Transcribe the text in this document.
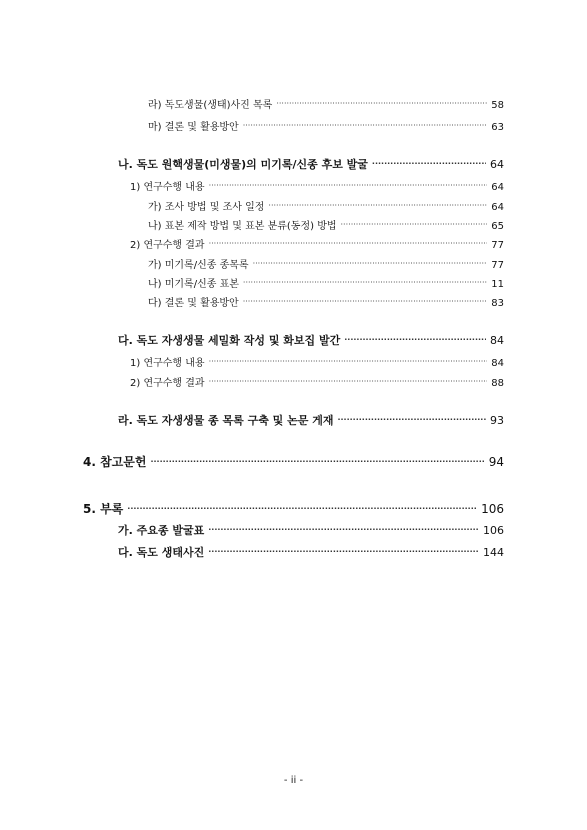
라) 독도생물(생태)사진 목록 ·····	58
마) 결론 및 활용방안 ·····	63
나. 독도 원핵생물(미생물)의 미기록/신종 후보 발굴 ·····	64
1) 연구수행 내용 ·····	64
가) 조사 방법 및 조사 일정 ·····	64
나) 표본 제작 방법 및 표본 분류(동정) 방법 ·····	65
2) 연구수행 결과 ·····	77
가) 미기록/신종 종목록 ·····	77
나) 미기록/신종 표본 ·····	11
다) 결론 및 활용방안 ·····	83
다. 독도 자생생물 세밀화 작성 및 화보집 발간 ·····	84
1) 연구수행 내용 ·····	84
2) 연구수행 결과 ·····	88
라. 독도 자생생물 종 목록 구축 및 논문 게재 ·····	93
4. 참고문헌 ·····	94
5. 부록 ·····	106
가. 주요종 발굴표 ·····	106
다. 독도 생태사진 ·····	144
- ii -
